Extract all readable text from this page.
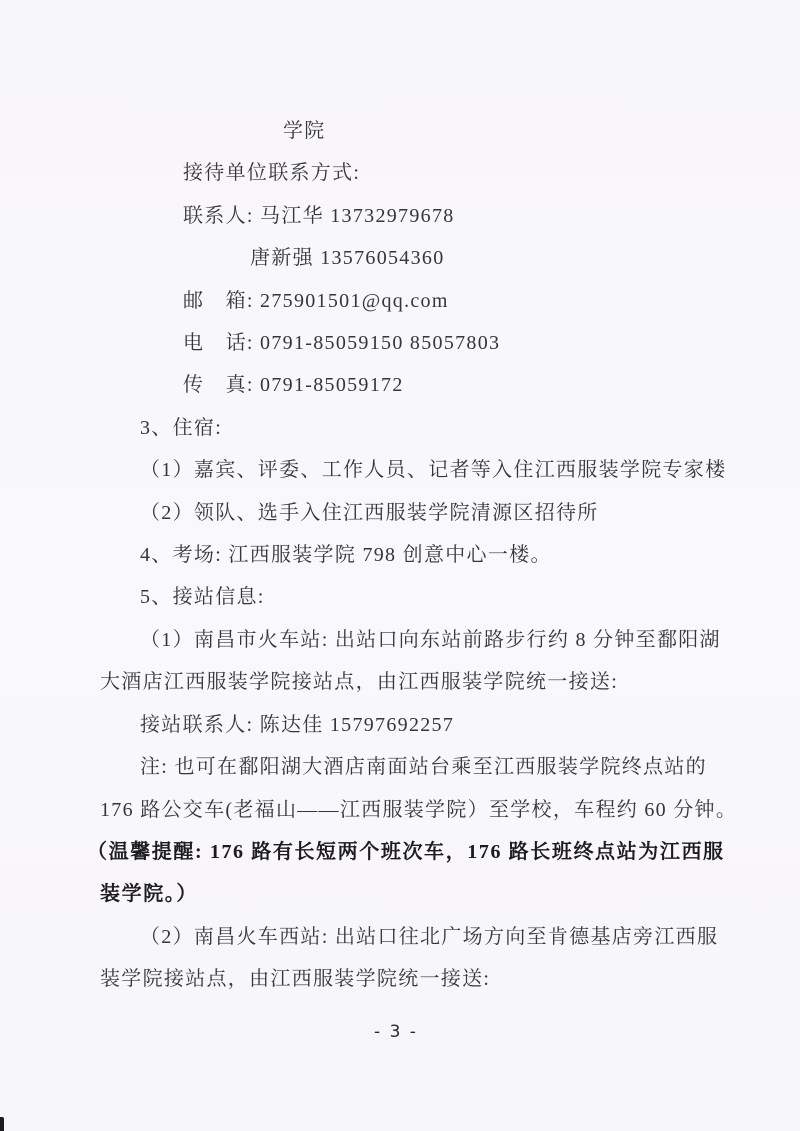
学院
接待单位联系方式:
联系人: 马江华 13732979678
唐新强 13576054360
邮　箱: 275901501@qq.com
电　话: 0791-85059150 85057803
传　真: 0791-85059172
3、住宿:
（1）嘉宾、评委、工作人员、记者等入住江西服装学院专家楼
（2）领队、选手入住江西服装学院清源区招待所
4、考场: 江西服装学院 798 创意中心一楼。
5、接站信息:
（1）南昌市火车站: 出站口向东站前路步行约 8 分钟至鄱阳湖
大酒店江西服装学院接站点，由江西服装学院统一接送:
接站联系人: 陈达佳 15797692257
注: 也可在鄱阳湖大酒店南面站台乘至江西服装学院终点站的
176 路公交车(老福山——江西服装学院）至学校，车程约 60 分钟。
（温馨提醒: 176 路有长短两个班次车，176 路长班终点站为江西服
装学院。）
（2）南昌火车西站: 出站口往北广场方向至肯德基店旁江西服
装学院接站点，由江西服装学院统一接送:
- 3 -
